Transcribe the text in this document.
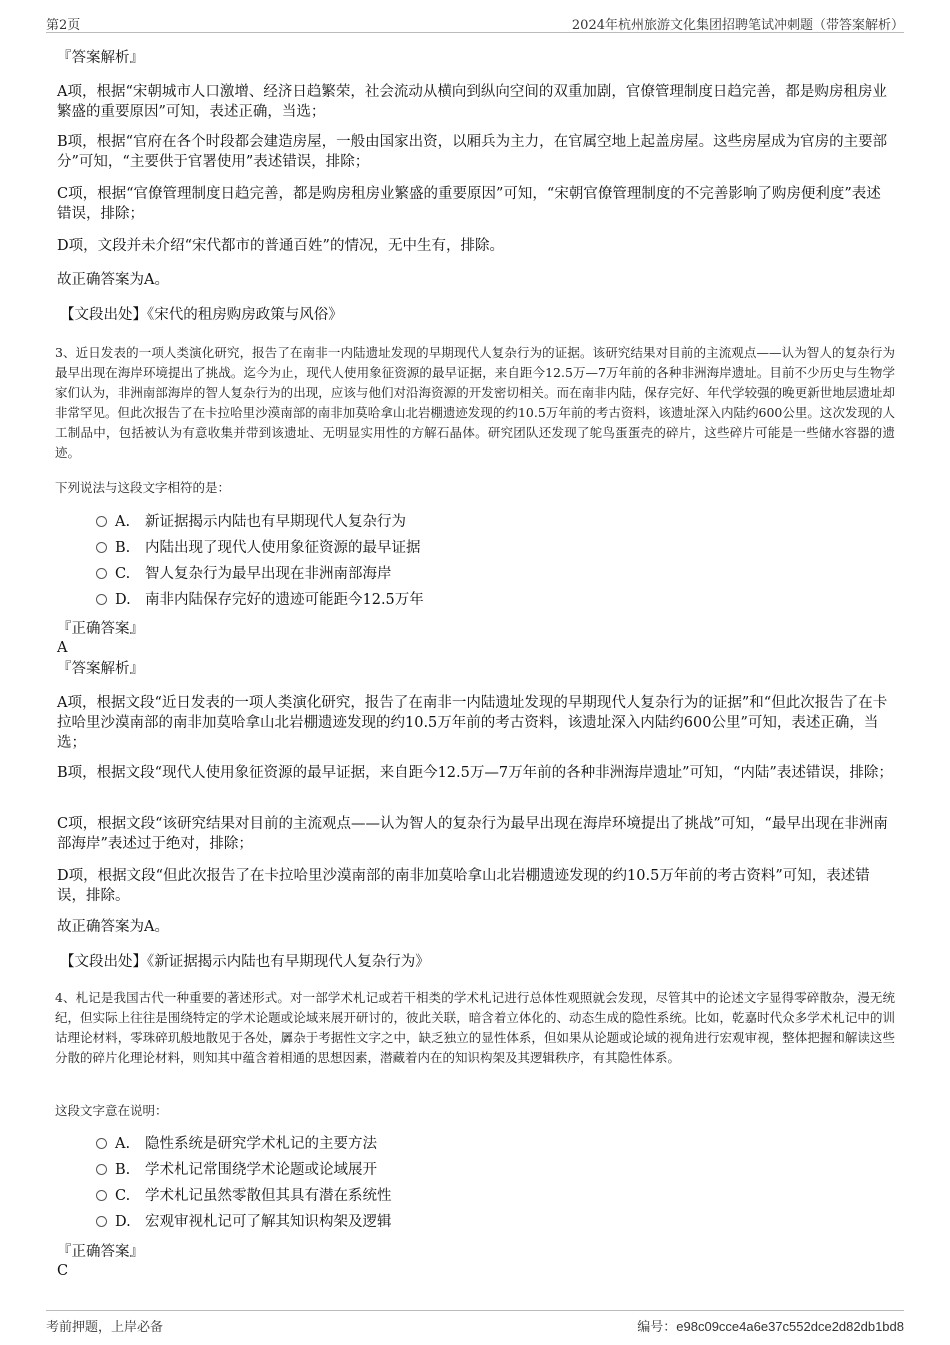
第2页	2024年杭州旅游文化集团招聘笔试冲刺题（带答案解析）
『答案解析』
A项，根据“宋朝城市人口激增、经济日趋繁荣，社会流动从横向到纵向空间的双重加剧，官僚管理制度日趋完善，都是购房租房业繁盛的重要原因”可知，表述正确，当选；
B项，根据“官府在各个时段都会建造房屋，一般由国家出资，以厢兵为主力，在官属空地上起盖房屋。这些房屋成为官房的主要部分”可知，“主要供于官署使用”表述错误，排除；
C项，根据“官僚管理制度日趋完善，都是购房租房业繁盛的重要原因”可知，“宋朝官僚管理制度的不完善影响了购房便利度”表述错误，排除；
D项，文段并未介绍“宋代都市的普通百姓”的情况，无中生有，排除。
故正确答案为A。
【文段出处】《宋代的租房购房政策与风俗》
3、近日发表的一项人类演化研究，报告了在南非一内陆遗址发现的早期现代人复杂行为的证据。该研究结果对目前的主流观点——认为智人的复杂行为最早出现在海岸环境提出了挑战。迄今为止，现代人使用象征资源的最早证据，来自距今12.5万—7万年前的各种非洲海岸遗址。目前不少历史与生物学家们认为，非洲南部海岸的智人复杂行为的出现，应该与他们对沿海资源的开发密切相关。而在南非内陆，保存完好、年代学较强的晚更新世地层遗址却非常罕见。但此次报告了在卡拉哈里沙漠南部的南非加莫哈拿山北岩棚遗迹发现的约10.5万年前的考古资料，该遗址深入内陆约600公里。这次发现的人工制品中，包括被认为有意收集并带到该遗址、无明显实用性的方解石晶体。研究团队还发现了鸵鸟蛋蛋壳的碎片，这些碎片可能是一些储水容器的遗迹。
下列说法与这段文字相符的是：
A. 新证据揭示内陆也有早期现代人复杂行为
B. 内陆出现了现代人使用象征资源的最早证据
C. 智人复杂行为最早出现在非洲南部海岸
D. 南非内陆保存完好的遗迹可能距今12.5万年
『正确答案』
A
『答案解析』
A项，根据文段“近日发表的一项人类演化研究，报告了在南非一内陆遗址发现的早期现代人复杂行为的证据”和“但此次报告了在卡拉哈里沙漠南部的南非加莫哈拿山北岩棚遗迹发现的约10.5万年前的考古资料，该遗址深入内陆约600公里”可知，表述正确，当选；
B项，根据文段“现代人使用象征资源的最早证据，来自距今12.5万—7万年前的各种非洲海岸遗址”可知，“内陆”表述错误，排除；
C项，根据文段“该研究结果对目前的主流观点——认为智人的复杂行为最早出现在海岸环境提出了挑战”可知，“最早出现在非洲南部海岸”表述过于绝对，排除；
D项，根据文段“但此次报告了在卡拉哈里沙漠南部的南非加莫哈拿山北岩棚遗迹发现的约10.5万年前的考古资料”可知，表述错误，排除。
故正确答案为A。
【文段出处】《新证据揭示内陆也有早期现代人复杂行为》
4、札记是我国古代一种重要的著述形式。对一部学术札记或若干相类的学术札记进行总体性观照就会发现，尽管其中的论述文字显得零碎散杂，漫无统纪，但实际上往往是围绕特定的学术论题或论域来展开研讨的，彼此关联，暗含着立体化的、动态生成的隐性系统。比如，乾嘉时代众多学术札记中的训诂理论材料，零珠碎玑般地散见于各处，羼杂于考据性文字之中，缺乏独立的显性体系，但如果从论题或论域的视角进行宏观审视，整体把握和解读这些分散的碎片化理论材料，则知其中蕴含着相通的思想因素，潜藏着内在的知识构架及其逻辑秩序，有其隐性体系。
这段文字意在说明：
A. 隐性系统是研究学术札记的主要方法
B. 学术札记常围绕学术论题或论域展开
C. 学术札记虽然零散但其具有潜在系统性
D. 宏观审视札记可了解其知识构架及逻辑
『正确答案』
C
考前押题，上岸必备	编号：e98c09cce4a6e37c552dce2d82db1bd8
